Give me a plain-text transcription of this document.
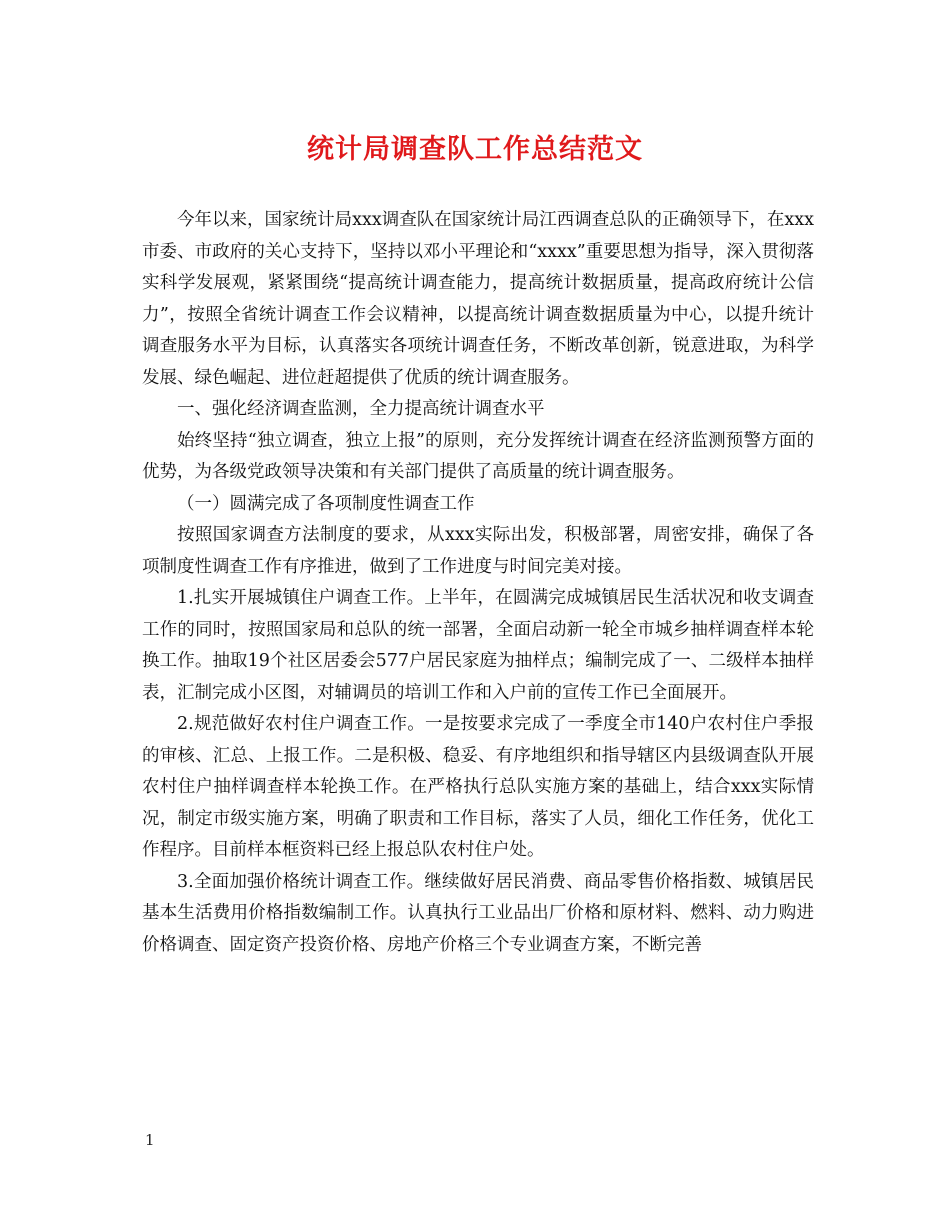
统计局调查队工作总结范文

今年以来，国家统计局xxx调查队在国家统计局江西调查总队的正确领导下，在xxx市委、市政府的关心支持下，坚持以邓小平理论和“xxxx”重要思想为指导，深入贯彻落实科学发展观，紧紧围绕“提高统计调查能力，提高统计数据质量，提高政府统计公信力”，按照全省统计调查工作会议精神，以提高统计调查数据质量为中心，以提升统计调查服务水平为目标，认真落实各项统计调查任务，不断改革创新，锐意进取，为科学发展、绿色崛起、进位赶超提供了优质的统计调查服务。

一、强化经济调查监测，全力提高统计调查水平

始终坚持“独立调查，独立上报”的原则，充分发挥统计调查在经济监测预警方面的优势，为各级党政领导决策和有关部门提供了高质量的统计调查服务。

（一）圆满完成了各项制度性调查工作

按照国家调查方法制度的要求，从xxx实际出发，积极部署，周密安排，确保了各项制度性调查工作有序推进，做到了工作进度与时间完美对接。

1.扎实开展城镇住户调查工作。上半年，在圆满完成城镇居民生活状况和收支调查工作的同时，按照国家局和总队的统一部署，全面启动新一轮全市城乡抽样调查样本轮换工作。抽取19个社区居委会577户居民家庭为抽样点；编制完成了一、二级样本抽样表，汇制完成小区图，对辅调员的培训工作和入户前的宣传工作已全面展开。

2.规范做好农村住户调查工作。一是按要求完成了一季度全市140户农村住户季报的审核、汇总、上报工作。二是积极、稳妥、有序地组织和指导辖区内县级调查队开展农村住户抽样调查样本轮换工作。在严格执行总队实施方案的基础上，结合xxx实际情况，制定市级实施方案，明确了职责和工作目标，落实了人员，细化工作任务，优化工作程序。目前样本框资料已经上报总队农村住户处。

3.全面加强价格统计调查工作。继续做好居民消费、商品零售价格指数、城镇居民基本生活费用价格指数编制工作。认真执行工业品出厂价格和原材料、燃料、动力购进价格调查、固定资产投资价格、房地产价格三个专业调查方案，不断完善

1
